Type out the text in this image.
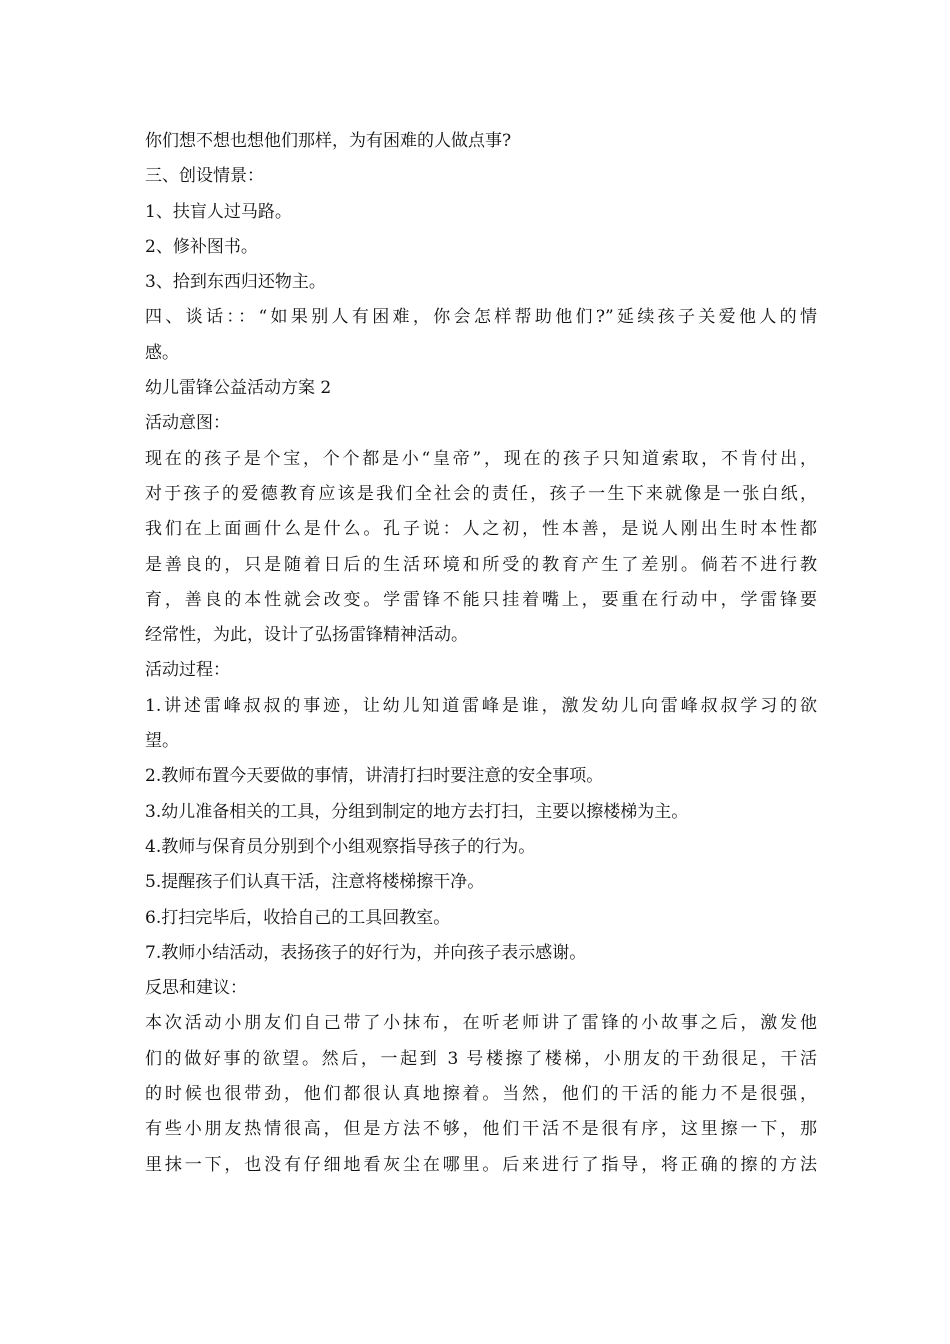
你们想不想也想他们那样，为有困难的人做点事?
三、创设情景：
1、扶盲人过马路。
2、修补图书。
3、拾到东西归还物主。
四、谈话：：“如果别人有困难，你会怎样帮助他们?”延续孩子关爱他人的情
感。
幼儿雷锋公益活动方案 2
活动意图：
现在的孩子是个宝，个个都是小“皇帝”，现在的孩子只知道索取，不肯付出，
对于孩子的爱德教育应该是我们全社会的责任，孩子一生下来就像是一张白纸，
我们在上面画什么是什么。孔子说：人之初，性本善，是说人刚出生时本性都
是善良的，只是随着日后的生活环境和所受的教育产生了差别。倘若不进行教
育，善良的本性就会改变。学雷锋不能只挂着嘴上，要重在行动中，学雷锋要
经常性，为此，设计了弘扬雷锋精神活动。
活动过程：
1.讲述雷峰叔叔的事迹，让幼儿知道雷峰是谁，激发幼儿向雷峰叔叔学习的欲
望。
2.教师布置今天要做的事情，讲清打扫时要注意的安全事项。
3.幼儿准备相关的工具，分组到制定的地方去打扫，主要以擦楼梯为主。
4.教师与保育员分别到个小组观察指导孩子的行为。
5.提醒孩子们认真干活，注意将楼梯擦干净。
6.打扫完毕后，收拾自己的工具回教室。
7.教师小结活动，表扬孩子的好行为，并向孩子表示感谢。
反思和建议：
本次活动小朋友们自己带了小抹布，在听老师讲了雷锋的小故事之后，激发他
们的做好事的欲望。然后，一起到 3 号楼擦了楼梯，小朋友的干劲很足，干活
的时候也很带劲，他们都很认真地擦着。当然，他们的干活的能力不是很强，
有些小朋友热情很高，但是方法不够，他们干活不是很有序，这里擦一下，那
里抹一下，也没有仔细地看灰尘在哪里。后来进行了指导，将正确的擦的方法
